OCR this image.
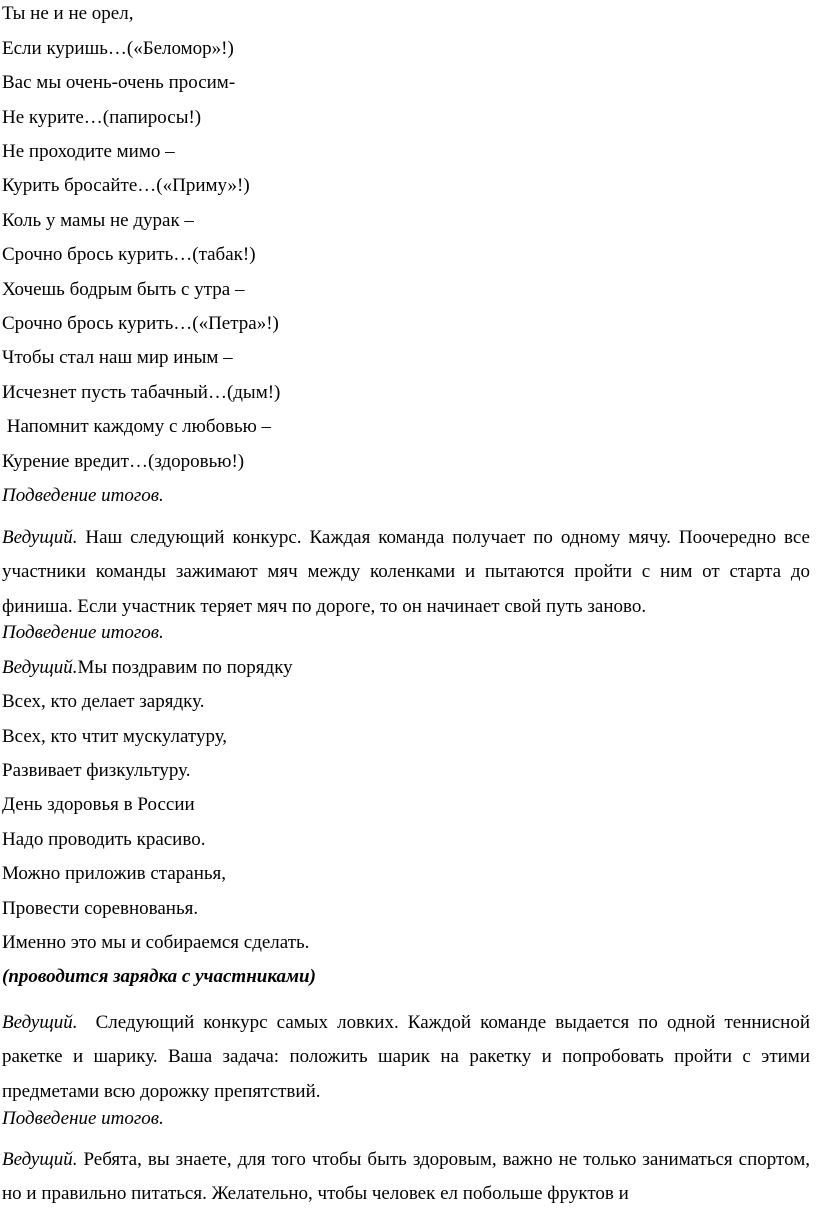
Ты не и не орел,
Если куришь…(«Беломор»!)
Вас мы очень-очень просим-
Не курите…(папиросы!)
Не проходите мимо –
Курить бросайте…(«Приму»!)
Коль у мамы не дурак –
Срочно брось курить…(табак!)
Хочешь бодрым быть с утра –
Срочно брось курить…(«Петра»!)
Чтобы стал наш мир иным –
Исчезнет пусть табачный…(дым!)
Напомнит каждому с любовью –
Курение вредит…(здоровью!)
Подведение итогов.
Ведущий. Наш следующий конкурс. Каждая команда получает по одному мячу. Поочередно все участники команды зажимают мяч между коленками и пытаются пройти с ним от старта до финиша. Если участник теряет мяч по дороге, то он начинает свой путь заново.
Подведение итогов.
Ведущий.Мы поздравим по порядку
Всех, кто делает зарядку.
Всех, кто чтит мускулатуру,
Развивает физкультуру.
День здоровья в России
Надо проводить красиво.
Можно приложив старанья,
Провести соревнованья.
Именно это мы и собираемся сделать.
(проводится зарядка с участниками)
Ведущий.  Следующий конкурс самых ловких. Каждой команде выдается по одной теннисной ракетке и шарику. Ваша задача: положить шарик на ракетку и попробовать пройти с этими предметами всю дорожку препятствий.
Подведение итогов.
Ведущий. Ребята, вы знаете, для того чтобы быть здоровым, важно не только заниматься спортом, но и правильно питаться. Желательно, чтобы человек ел побольше фруктов и
